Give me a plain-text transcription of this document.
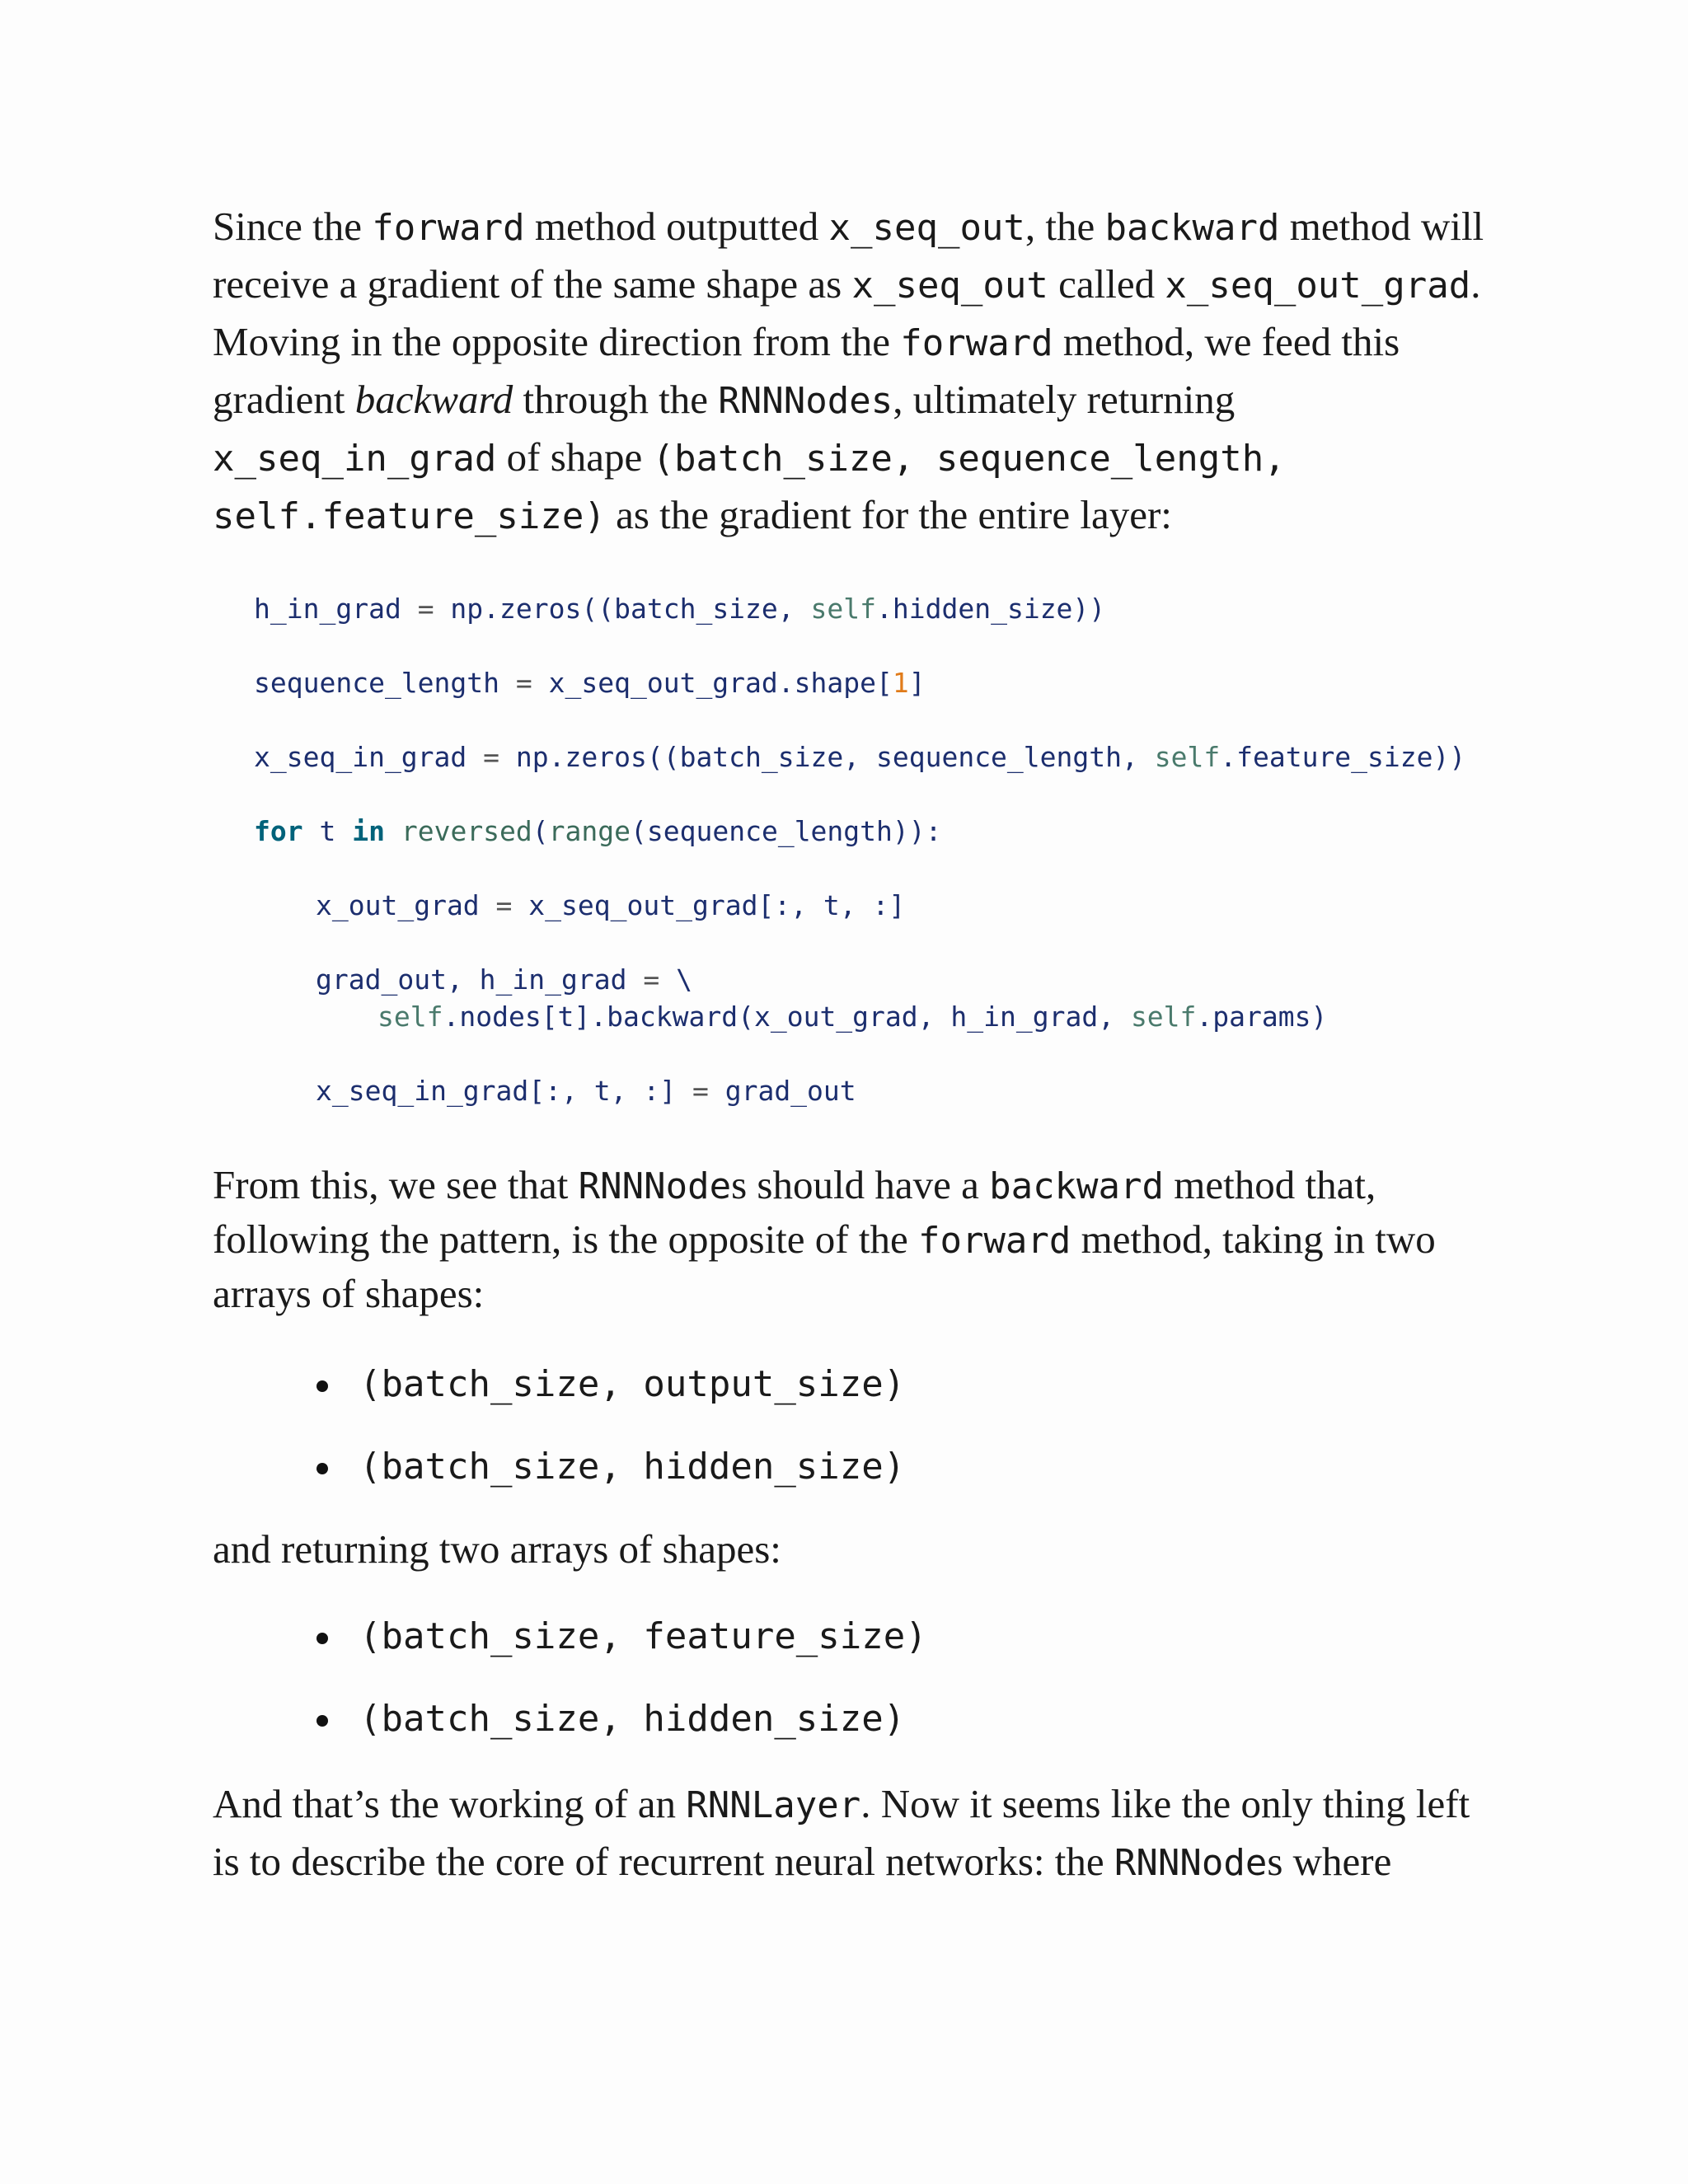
Since the forward method outputted x_seq_out, the backward method will receive a gradient of the same shape as x_seq_out called x_seq_out_grad. Moving in the opposite direction from the forward method, we feed this gradient backward through the RNNNodes, ultimately returning x_seq_in_grad of shape (batch_size, sequence_length, self.feature_size) as the gradient for the entire layer:

h_in_grad = np.zeros((batch_size, self.hidden_size))
sequence_length = x_seq_out_grad.shape[1]
x_seq_in_grad = np.zeros((batch_size, sequence_length, self.feature_size))
for t in reversed(range(sequence_length)):
x_out_grad = x_seq_out_grad[:, t, :]
grad_out, h_in_grad = \
self.nodes[t].backward(x_out_grad, h_in_grad, self.params)
x_seq_in_grad[:, t, :] = grad_out

From this, we see that RNNNodes should have a backward method that, following the pattern, is the opposite of the forward method, taking in two arrays of shapes:

(batch_size, output_size)
(batch_size, hidden_size)

and returning two arrays of shapes:

(batch_size, feature_size)
(batch_size, hidden_size)

And that’s the working of an RNNLayer. Now it seems like the only thing left is to describe the core of recurrent neural networks: the RNNNodes where
